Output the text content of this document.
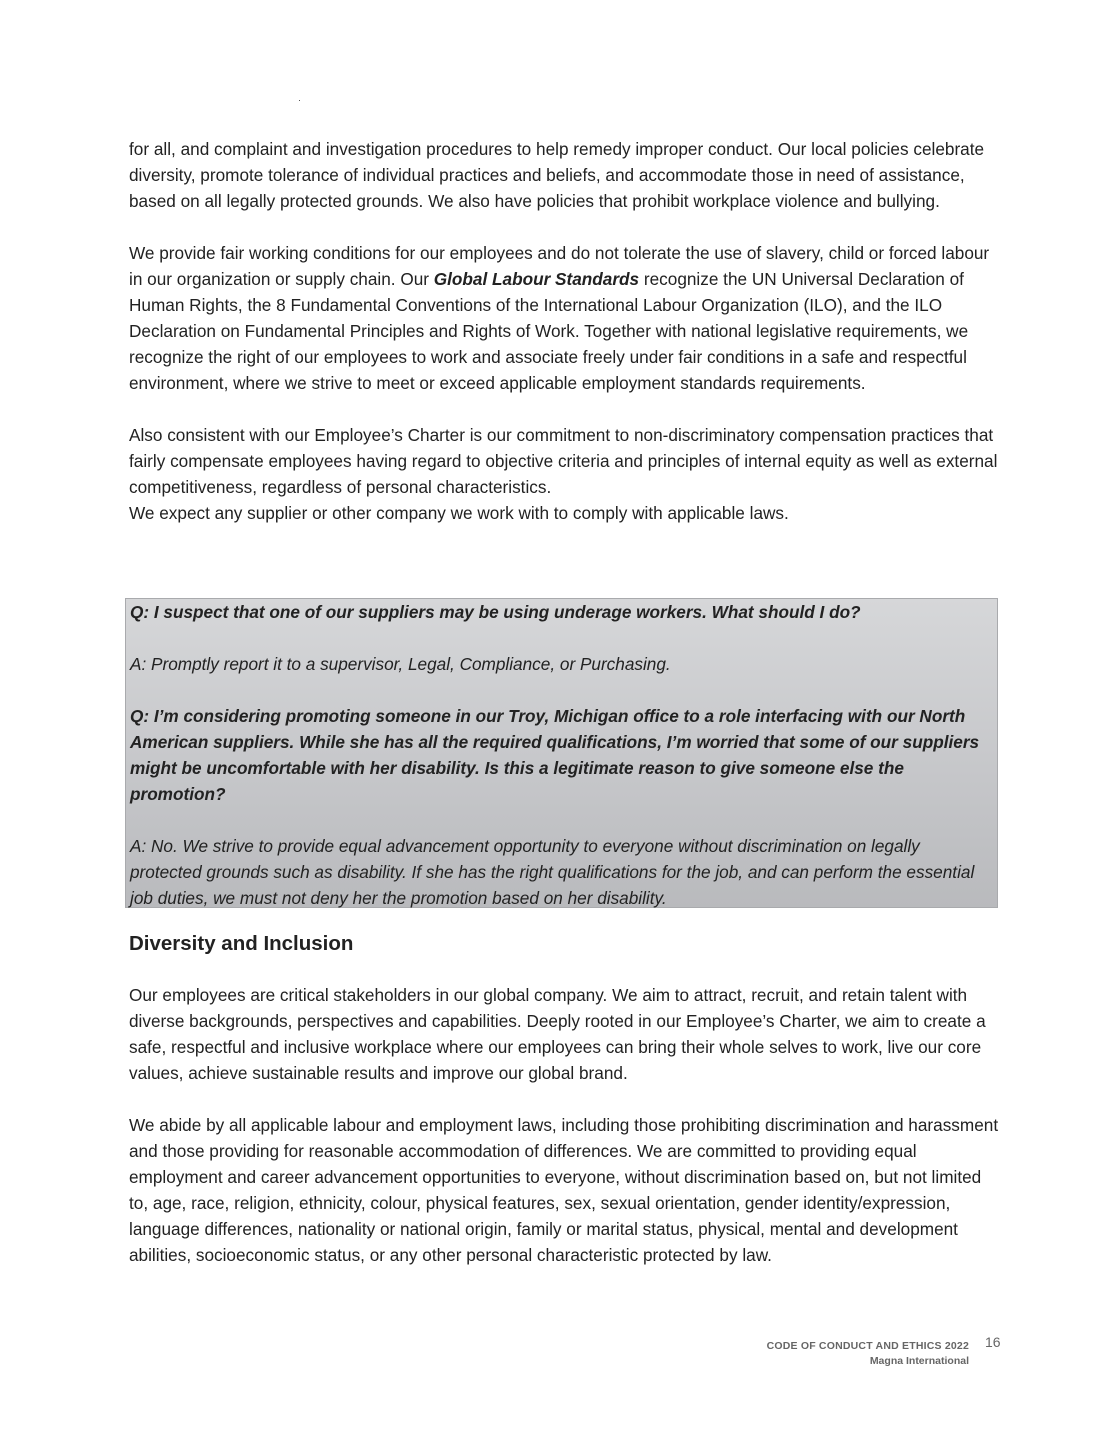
for all, and complaint and investigation procedures to help remedy improper conduct. Our local policies celebrate diversity, promote tolerance of individual practices and beliefs, and accommodate those in need of assistance, based on all legally protected grounds. We also have policies that prohibit workplace violence and bullying.

We provide fair working conditions for our employees and do not tolerate the use of slavery, child or forced labour in our organization or supply chain. Our Global Labour Standards recognize the UN Universal Declaration of Human Rights, the 8 Fundamental Conventions of the International Labour Organization (ILO), and the ILO Declaration on Fundamental Principles and Rights of Work. Together with national legislative requirements, we recognize the right of our employees to work and associate freely under fair conditions in a safe and respectful environment, where we strive to meet or exceed applicable employment standards requirements.

Also consistent with our Employee’s Charter is our commitment to non-discriminatory compensation practices that fairly compensate employees having regard to objective criteria and principles of internal equity as well as external competitiveness, regardless of personal characteristics.

We expect any supplier or other company we work with to comply with applicable laws.

Q: I suspect that one of our suppliers may be using underage workers. What should I do?

A: Promptly report it to a supervisor, Legal, Compliance, or Purchasing.

Q: I’m considering promoting someone in our Troy, Michigan office to a role interfacing with our North American suppliers. While she has all the required qualifications, I’m worried that some of our suppliers might be uncomfortable with her disability. Is this a legitimate reason to give someone else the promotion?

A: No. We strive to provide equal advancement opportunity to everyone without discrimination on legally protected grounds such as disability. If she has the right qualifications for the job, and can perform the essential job duties, we must not deny her the promotion based on her disability.

Diversity and Inclusion

Our employees are critical stakeholders in our global company. We aim to attract, recruit, and retain talent with diverse backgrounds, perspectives and capabilities. Deeply rooted in our Employee’s Charter, we aim to create a safe, respectful and inclusive workplace where our employees can bring their whole selves to work, live our core values, achieve sustainable results and improve our global brand.

We abide by all applicable labour and employment laws, including those prohibiting discrimination and harassment and those providing for reasonable accommodation of differences. We are committed to providing equal employment and career advancement opportunities to everyone, without discrimination based on, but not limited to, age, race, religion, ethnicity, colour, physical features, sex, sexual orientation, gender identity/expression, language differences, nationality or national origin, family or marital status, physical, mental and development abilities, socioeconomic status, or any other personal characteristic protected by law.

CODE OF CONDUCT AND ETHICS 2022
Magna International
16
